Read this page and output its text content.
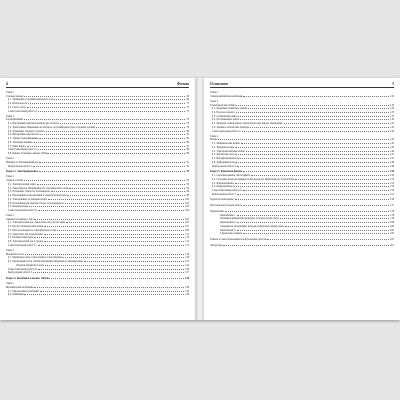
4	Физика
Глава 2
Газовые законы	69
§ 1. Уравнение состояния идеального газа	69
§ 2. Изопроцессы	71
§ 3. Смесь газов	73
Самостоятельная работа 4	75
Глава 3
Термодинамика	76
§ 1. Внутренняя энергия и количество теплоты	76
§ 2. Теплообмен. Изменение агрегатного состояния вещества. Сгорание топлива	78
§ 3. Уравнение теплового баланса	80
§ 4. Внутренняя энергия газа	83
§ 5. Законы термодинамики	85
§ 6. Тепловые машины	86
§ 7. Цикл Карно	87
Самостоятельная работа 5	89
§ 8. Циклы. Тепловые законы. КПД	89
Глава 4
Влажность. Насыщенный пар	91
Контрольная работа 2	92
Раздел 3. Электродинамика	93
Глава 1
Электростатика	93
§ 1. Электрический заряд	93
§ 2. Закон Кулона. Напряжённость электрического поля	94
§ 3. Потенциал. Разность потенциалов	96
§ 4. Проводники и диэлектрики в электрическом поле	98
§ 5. Электроёмкость. Конденсаторы	100
§ 6. Потенциальная энергия. Разность потенциалов	102
§ 7. Конденсаторы	103
Самостоятельная работа 6	104
Глава 2
Законы постоянного тока	105
§ 1. Электрический ток. Закон Ома для участка цепи	105
§ 2. Расчёт электрических цепей	107
§ 3. Работа и мощность электрического тока	109
§ 4. Закон Ома для полной цепи	111
§ 5. Правила Кирхгофа	113
§ 6. Электрический ток в средах	115
Самостоятельная работа 7	117
Глава 3
Магнитное поле	118
§ 1. Магнитное поле. Сила Ампера. Сила Лоренца	118
§ 2. Магнитный поток. Электромагнитная индукция и самоиндукция	121
Энергия магнитного поля	124
Самостоятельная работа 8	126
Контрольная работа 3	127
Раздел 4. Колебания и волны. Оптика	128
Глава 1
Механические колебания	128
§ 1. Определение колебаний	128
§ 2. Маятники	130
Оглавление	5
Глава 2
Электромагнитные колебания	132
Глава 3
Геометрическая оптика	133
§ 1. Основные понятия и законы	133
§ 2. Плоское зеркало	135
§ 3. Собирающая линза	137
§ 4. Рассеивающая линза	139
§ 5. Формула тонкой линзы. Оптическая сила линзы. Увеличение	141
§ 6. Зрение и оптические приборы	143
Самостоятельная работа 9	144
Глава 4
Волны	145
§ 1. Механические волны	145
§ 2. Звуковые волны	145
§ 3. Электромагнитные волны	146
§ 4. Дисперсия света	147
§ 5. Интерференция волн	147
§ 6. Дифракция волн	148
Контрольная работа 4	149
Раздел 5. Квантовая физика	150
§ 1. Световые кванты. Фотоэффект	150
§ 2. Строение атома на примере атома водорода. Квантовые постулаты Бора	152
§ 3. Ядерная физика	153
§ 4. Радиоактивность	155
Самостоятельная работа 10	156
Контрольная работа 5	157
Задачи на повторение	158
Итоговая контрольная работа	172
Приложения	178
Приложение 1	178
Основные физические формулы, которые нужно знать	178
Приложение 2	180
Сведения из математики, которые обязательно нужно знать	180
Приложение 3	185
Справочные данные	185
Ответы к самостоятельным и контрольным работам	187
Литература	201
